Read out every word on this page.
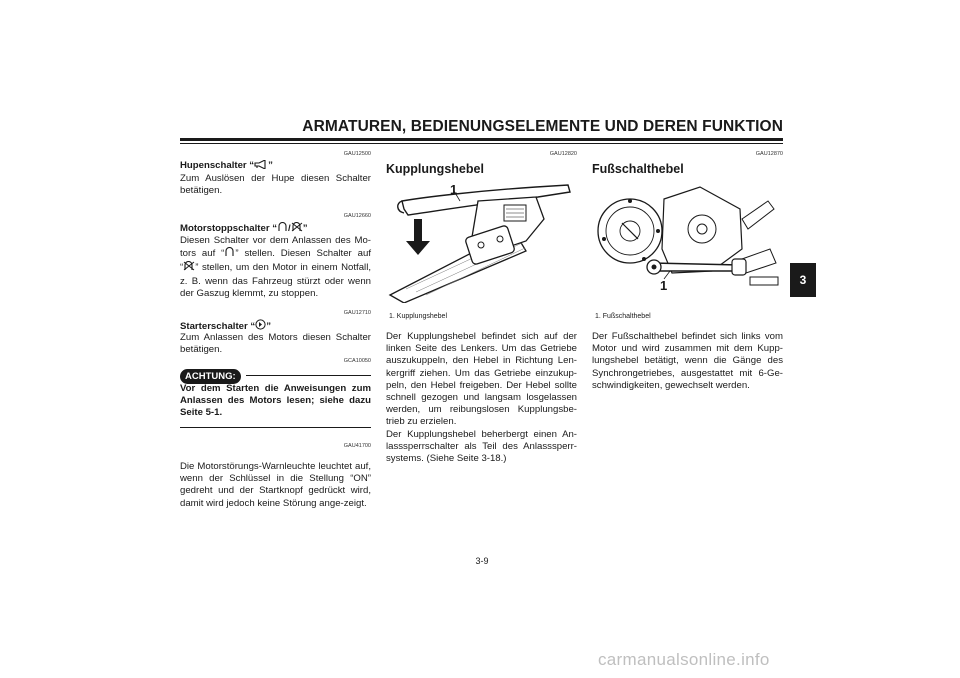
ARMATUREN, BEDIENUNGSELEMENTE UND DEREN FUNKTION
3
GAU12500
Hupenschalter “ ”
Zum Auslösen der Hupe diesen Schalter betätigen.
GAU12660
Motorstoppschalter “ / ”
Diesen Schalter vor dem Anlassen des Mo-
tors auf “ ” stellen. Diesen Schalter auf
“ ” stellen, um den Motor in einem Notfall,
z. B. wenn das Fahrzeug stürzt oder wenn
der Gaszug klemmt, zu stoppen.
GAU12710
Starterschalter “ ”
Zum Anlassen des Motors diesen Schalter betätigen.
GCA10050
ACHTUNG:
Vor dem Starten die Anweisungen zum Anlassen des Motors lesen; siehe dazu Seite 5-1.
GAU41700
Die Motorstörungs-Warnleuchte leuchtet auf, wenn der Schlüssel in die Stellung “ON” gedreht und der Startknopf gedrückt wird, damit wird jedoch keine Störung ange-zeigt.
GAU12820
Kupplungshebel
1
1. Kupplungshebel
Der Kupplungshebel befindet sich auf der linken Seite des Lenkers. Um das Getriebe auszukuppeln, den Hebel in Richtung Len-kergriff ziehen. Um das Getriebe einzukup-peln, den Hebel freigeben. Der Hebel sollte schnell gezogen und langsam losgelassen werden, um reibungslosen Kupplungsbe-trieb zu erzielen.
Der Kupplungshebel beherbergt einen An-lasssperrschalter als Teil des Anlasssperr-systems. (Siehe Seite 3-18.)
GAU12870
Fußschalthebel
1
1. Fußschalthebel
Der Fußschalthebel befindet sich links vom Motor und wird zusammen mit dem Kupp-lungshebel betätigt, wenn die Gänge des Synchrongetriebes, ausgestattet mit 6-Ge-schwindigkeiten, gewechselt werden.
3-9
carmanualsonline.info
